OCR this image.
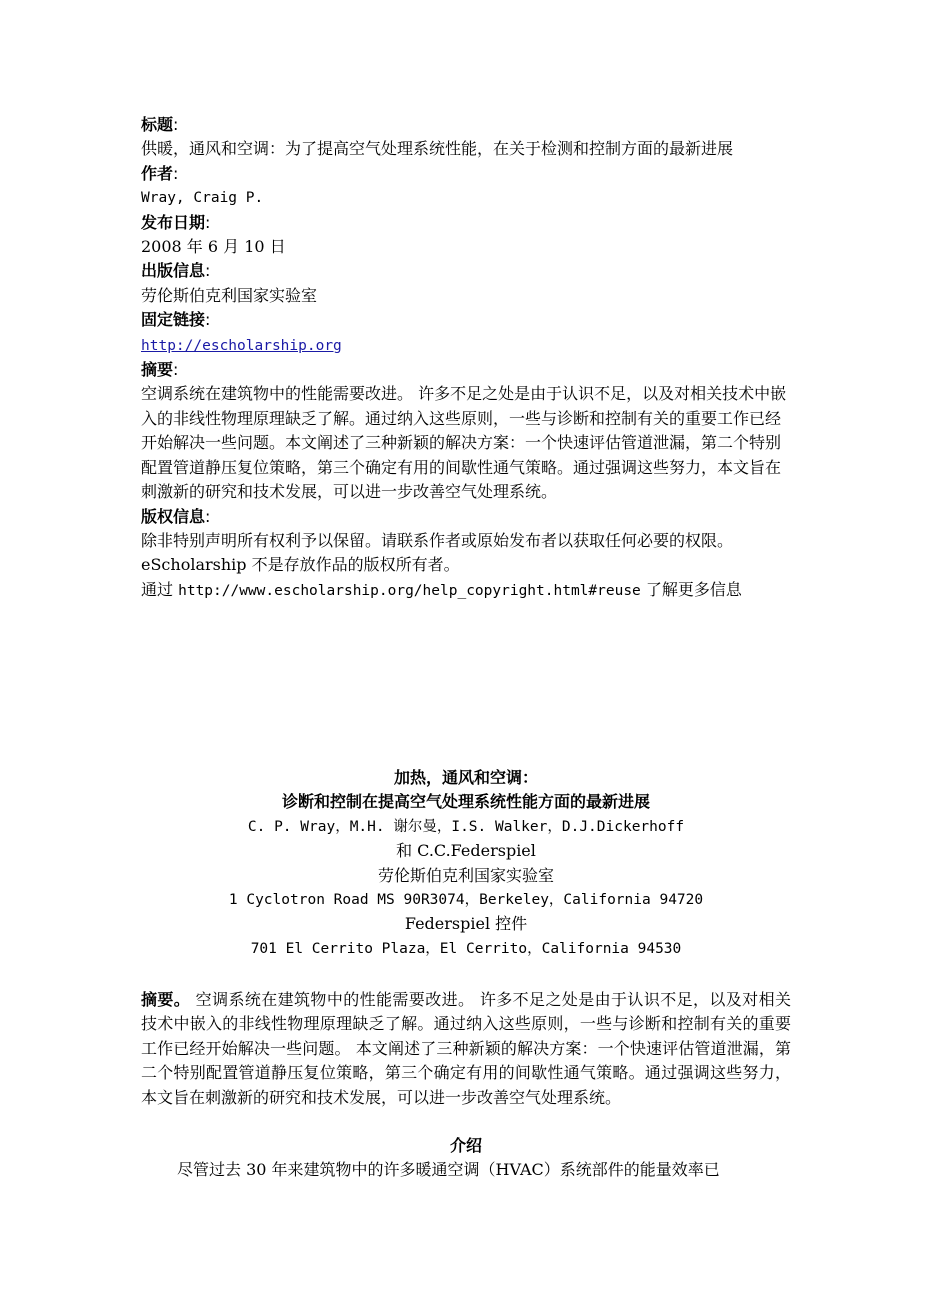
标题:
供暖，通风和空调：为了提高空气处理系统性能，在关于检测和控制方面的最新进展
作者:
Wray, Craig P.
发布日期:
2008 年 6 月 10 日
出版信息:
劳伦斯伯克利国家实验室
固定链接:
http://escholarship.org
摘要:
空调系统在建筑物中的性能需要改进。 许多不足之处是由于认识不足，以及对相关技术中嵌入的非线性物理原理缺乏了解。通过纳入这些原则，一些与诊断和控制有关的重要工作已经开始解决一些问题。本文阐述了三种新颖的解决方案：一个快速评估管道泄漏，第二个特别配置管道静压复位策略，第三个确定有用的间歇性通气策略。通过强调这些努力，本文旨在刺激新的研究和技术发展，可以进一步改善空气处理系统。
版权信息:
除非特别声明所有权利予以保留。请联系作者或原始发布者以获取任何必要的权限。 eScholarship 不是存放作品的版权所有者。
通过 http://www.escholarship.org/help_copyright.html#reuse 了解更多信息
加热，通风和空调：
诊断和控制在提高空气处理系统性能方面的最新进展
C. P. Wray，M.H. 谢尔曼，I.S. Walker，D.J.Dickerhoff
和 C.C.Federspiel
劳伦斯伯克利国家实验室
1 Cyclotron Road MS 90R3074，Berkeley，California 94720
Federspiel 控件
701 El Cerrito Plaza，El Cerrito，California 94530
摘要。 空调系统在建筑物中的性能需要改进。 许多不足之处是由于认识不足，以及对相关技术中嵌入的非线性物理原理缺乏了解。通过纳入这些原则，一些与诊断和控制有关的重要工作已经开始解决一些问题。 本文阐述了三种新颖的解决方案：一个快速评估管道泄漏，第二个特别配置管道静压复位策略，第三个确定有用的间歇性通气策略。通过强调这些努力，本文旨在刺激新的研究和技术发展，可以进一步改善空气处理系统。
介绍
尽管过去 30 年来建筑物中的许多暖通空调（HVAC）系统部件的能量效率已
